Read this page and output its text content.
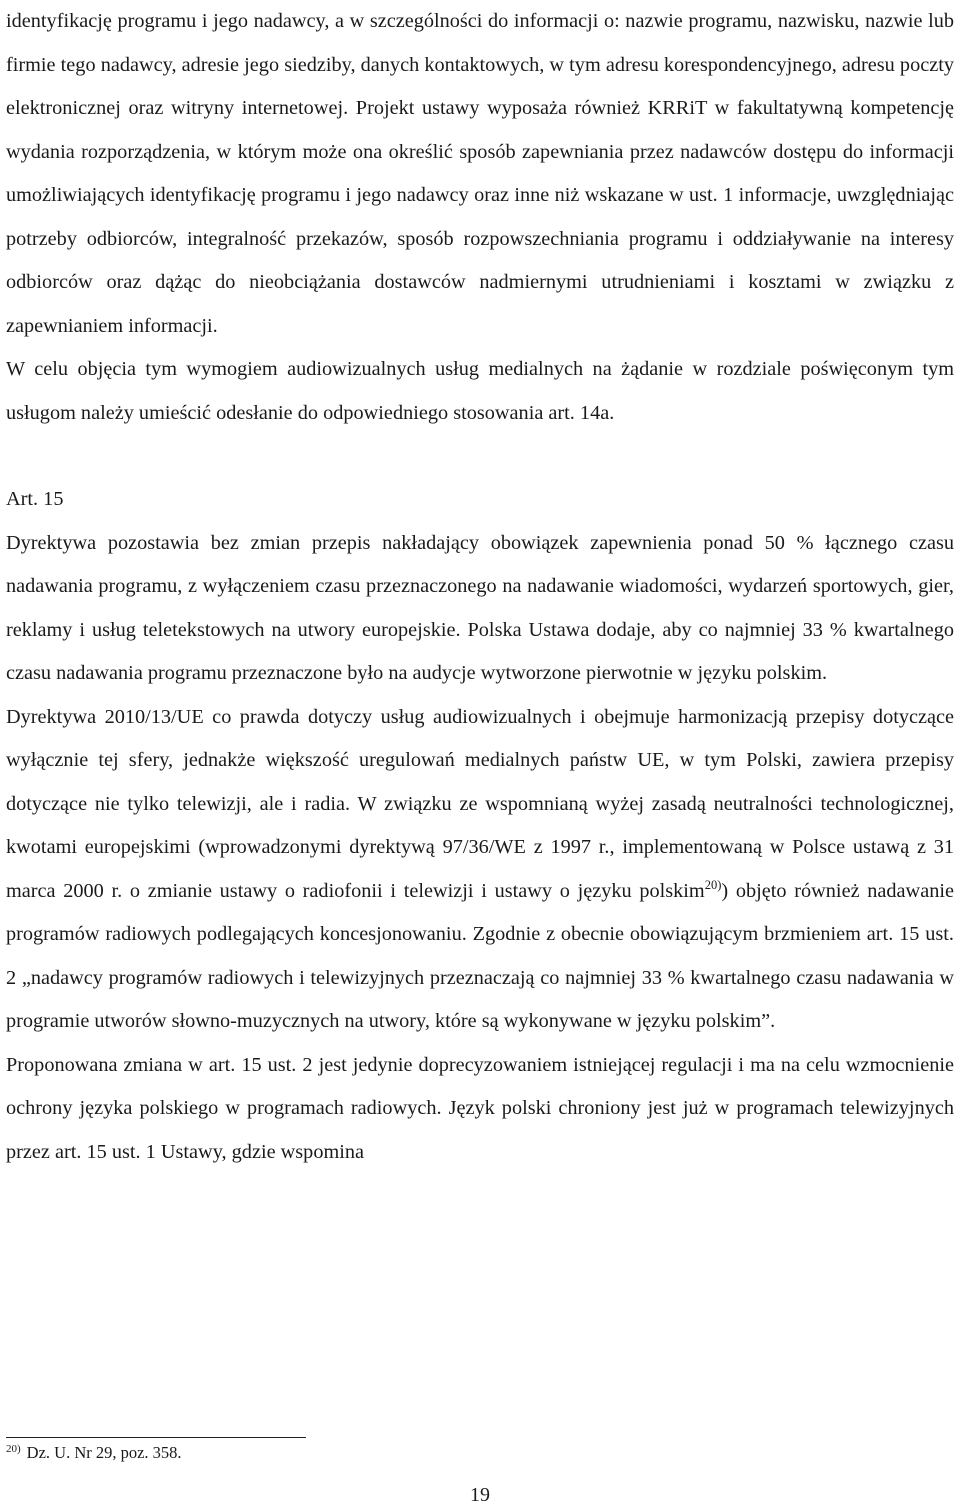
identyfikację programu i jego nadawcy, a w szczególności do informacji o: nazwie programu, nazwisku, nazwie lub firmie tego nadawcy, adresie jego siedziby, danych kontaktowych, w tym adresu korespondencyjnego, adresu poczty elektronicznej oraz witryny internetowej. Projekt ustawy wyposaża również KRRiT w fakultatywną kompetencję wydania rozporządzenia, w którym może ona określić sposób zapewniania przez nadawców dostępu do informacji umożliwiających identyfikację programu i jego nadawcy oraz inne niż wskazane w ust. 1 informacje, uwzględniając potrzeby odbiorców, integralność przekazów, sposób rozpowszechniania programu i oddziaływanie na interesy odbiorców oraz dążąc do nieobciążania dostawców nadmiernymi utrudnieniami i kosztami w związku z zapewnianiem informacji.

W celu objęcia tym wymogiem audiowizualnych usług medialnych na żądanie w rozdziale poświęconym tym usługom należy umieścić odesłanie do odpowiedniego stosowania art. 14a.

Art. 15

Dyrektywa pozostawia bez zmian przepis nakładający obowiązek zapewnienia ponad 50 % łącznego czasu nadawania programu, z wyłączeniem czasu przeznaczonego na nadawanie wiadomości, wydarzeń sportowych, gier, reklamy i usług teletekstowych na utwory europejskie. Polska Ustawa dodaje, aby co najmniej 33 % kwartalnego czasu nadawania programu przeznaczone było na audycje wytworzone pierwotnie w języku polskim.

Dyrektywa 2010/13/UE co prawda dotyczy usług audiowizualnych i obejmuje harmonizacją przepisy dotyczące wyłącznie tej sfery, jednakże większość uregulowań medialnych państw UE, w tym Polski, zawiera przepisy dotyczące nie tylko telewizji, ale i radia. W związku ze wspomnianą wyżej zasadą neutralności technologicznej, kwotami europejskimi (wprowadzonymi dyrektywą 97/36/WE z 1997 r., implementowaną w Polsce ustawą z 31 marca 2000 r. o zmianie ustawy o radiofonii i telewizji i ustawy o języku polskim$^{20)}$) objęto również nadawanie programów radiowych podlegających koncesjonowaniu. Zgodnie z obecnie obowiązującym brzmieniem art. 15 ust. 2 „nadawcy programów radiowych i telewizyjnych przeznaczają co najmniej 33 % kwartalnego czasu nadawania w programie utworów słowno-muzycznych na utwory, które są wykonywane w języku polskim”.

Proponowana zmiana w art. 15 ust. 2 jest jedynie doprecyzowaniem istniejącej regulacji i ma na celu wzmocnienie ochrony języka polskiego w programach radiowych. Język polski chroniony jest już w programach telewizyjnych przez art. 15 ust. 1 Ustawy, gdzie wspomina

$^{20)}$ Dz. U. Nr 29, poz. 358.
19
